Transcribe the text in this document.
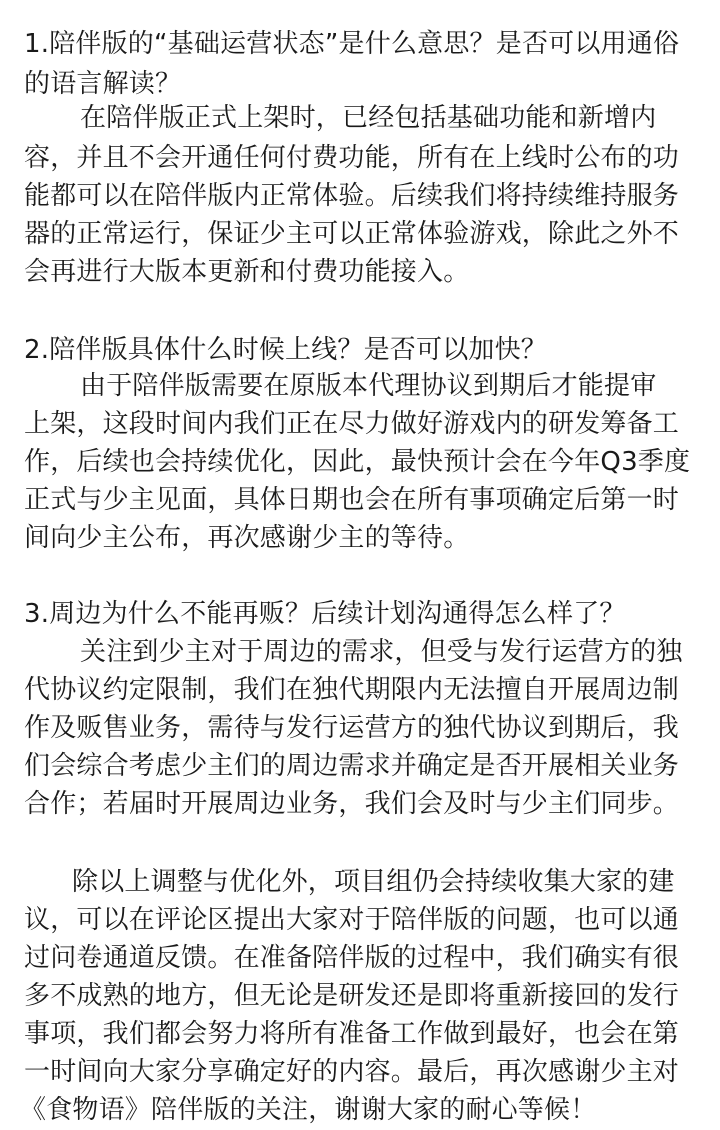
1.陪伴版的“基础运营状态”是什么意思？是否可以用通俗
的语言解读？
在陪伴版正式上架时，已经包括基础功能和新增内
容，并且不会开通任何付费功能，所有在上线时公布的功
能都可以在陪伴版内正常体验。后续我们将持续维持服务
器的正常运行，保证少主可以正常体验游戏，除此之外不
会再进行大版本更新和付费功能接入。
2.陪伴版具体什么时候上线？是否可以加快？
由于陪伴版需要在原版本代理协议到期后才能提审
上架，这段时间内我们正在尽力做好游戏内的研发筹备工
作，后续也会持续优化，因此，最快预计会在今年Q3季度
正式与少主见面，具体日期也会在所有事项确定后第一时
间向少主公布，再次感谢少主的等待。
3.周边为什么不能再贩？后续计划沟通得怎么样了？
关注到少主对于周边的需求，但受与发行运营方的独
代协议约定限制，我们在独代期限内无法擅自开展周边制
作及贩售业务，需待与发行运营方的独代协议到期后，我
们会综合考虑少主们的周边需求并确定是否开展相关业务
合作；若届时开展周边业务，我们会及时与少主们同步。
除以上调整与优化外，项目组仍会持续收集大家的建
议，可以在评论区提出大家对于陪伴版的问题，也可以通
过问卷通道反馈。在准备陪伴版的过程中，我们确实有很
多不成熟的地方，但无论是研发还是即将重新接回的发行
事项，我们都会努力将所有准备工作做到最好，也会在第
一时间向大家分享确定好的内容。最后，再次感谢少主对
《食物语》陪伴版的关注，谢谢大家的耐心等候！
